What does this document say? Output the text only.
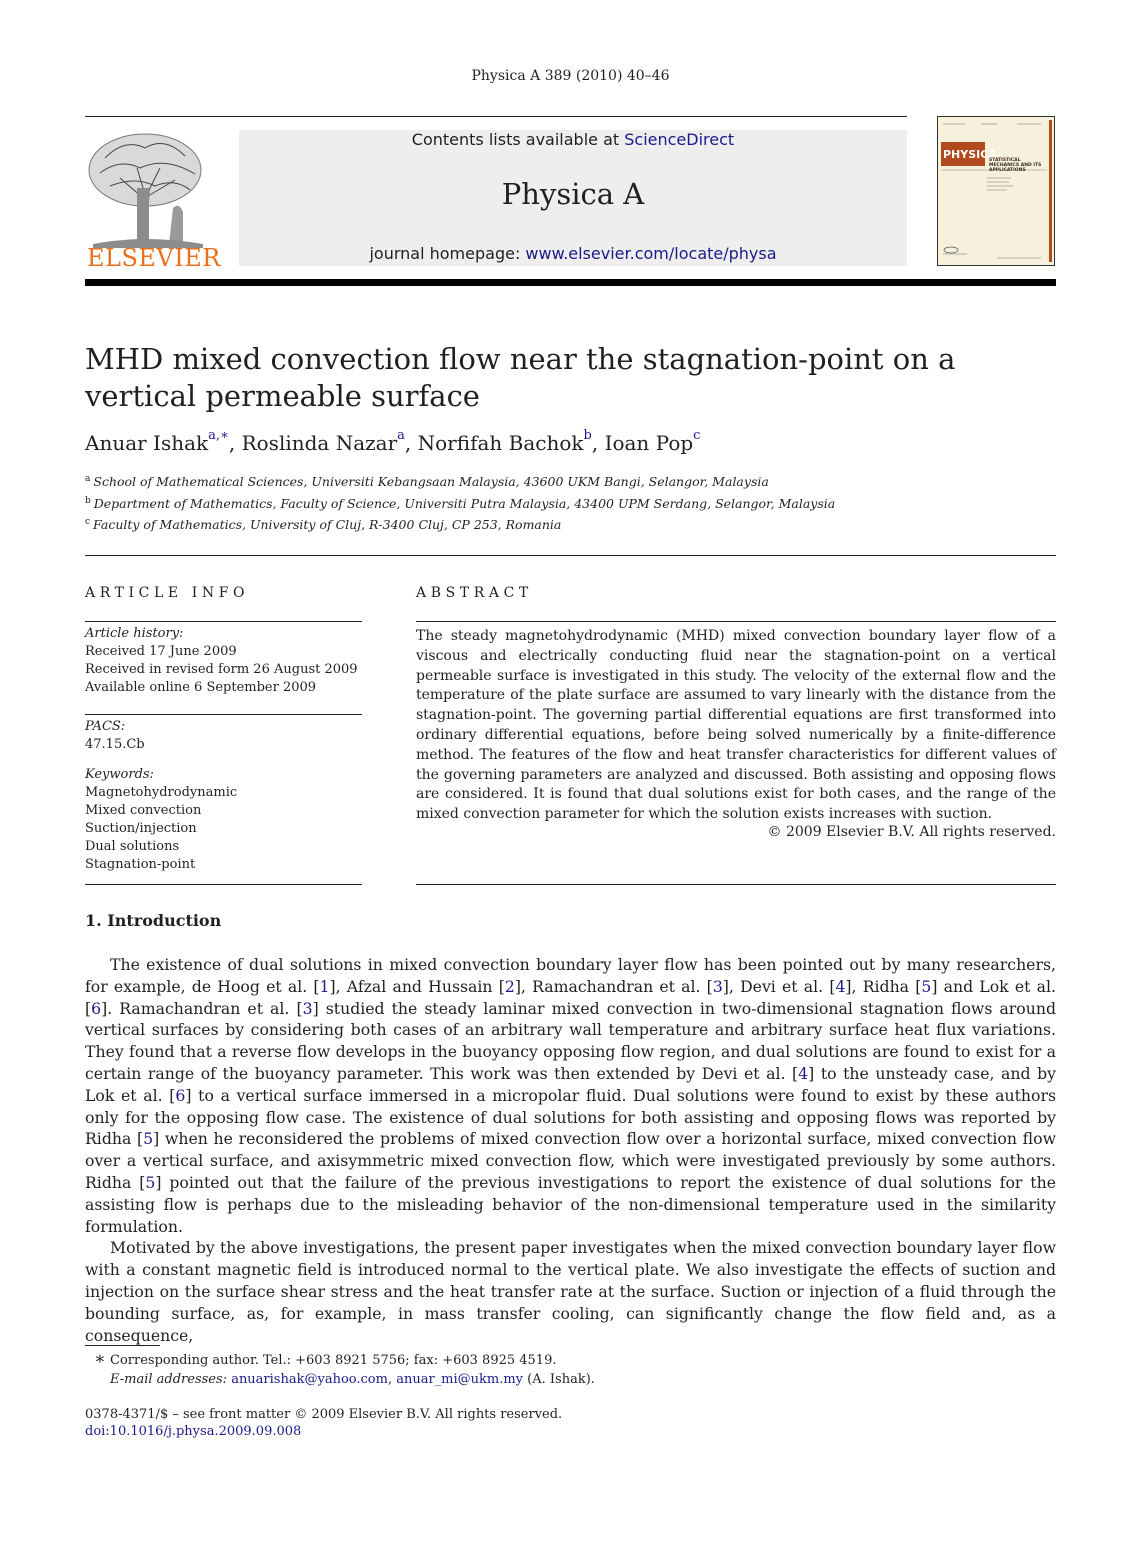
Physica A 389 (2010) 40–46
ELSEVIER
Contents lists available at ScienceDirect
Physica A
journal homepage: www.elsevier.com/locate/physa
PHYSICA
STATISTICAL MECHANICS AND ITS APPLICATIONS
MHD mixed convection flow near the stagnation-point on a vertical permeable surface
Anuar Ishak$^{a,∗}$, Roslinda Nazar$^a$, Norfifah Bachok$^b$, Ioan Pop$^c$
$^a$ School of Mathematical Sciences, Universiti Kebangsaan Malaysia, 43600 UKM Bangi, Selangor, Malaysia
$^b$ Department of Mathematics, Faculty of Science, Universiti Putra Malaysia, 43400 UPM Serdang, Selangor, Malaysia
$^c$ Faculty of Mathematics, University of Cluj, R-3400 Cluj, CP 253, Romania
ARTICLE INFO
Article history:
Received 17 June 2009
Received in revised form 26 August 2009
Available online 6 September 2009
PACS:
47.15.Cb
Keywords:
Magnetohydrodynamic
Mixed convection
Suction/injection
Dual solutions
Stagnation-point
ABSTRACT
The steady magnetohydrodynamic (MHD) mixed convection boundary layer flow of a viscous and electrically conducting fluid near the stagnation-point on a vertical permeable surface is investigated in this study. The velocity of the external flow and the temperature of the plate surface are assumed to vary linearly with the distance from the stagnation-point. The governing partial differential equations are first transformed into ordinary differential equations, before being solved numerically by a finite-difference method. The features of the flow and heat transfer characteristics for different values of the governing parameters are analyzed and discussed. Both assisting and opposing flows are considered. It is found that dual solutions exist for both cases, and the range of the mixed convection parameter for which the solution exists increases with suction.
© 2009 Elsevier B.V. All rights reserved.
1. Introduction

The existence of dual solutions in mixed convection boundary layer flow has been pointed out by many researchers, for example, de Hoog et al. [1], Afzal and Hussain [2], Ramachandran et al. [3], Devi et al. [4], Ridha [5] and Lok et al. [6]. Ramachandran et al. [3] studied the steady laminar mixed convection in two-dimensional stagnation flows around vertical surfaces by considering both cases of an arbitrary wall temperature and arbitrary surface heat flux variations. They found that a reverse flow develops in the buoyancy opposing flow region, and dual solutions are found to exist for a certain range of the buoyancy parameter. This work was then extended by Devi et al. [4] to the unsteady case, and by Lok et al. [6] to a vertical surface immersed in a micropolar fluid. Dual solutions were found to exist by these authors only for the opposing flow case. The existence of dual solutions for both assisting and opposing flows was reported by Ridha [5] when he reconsidered the problems of mixed convection flow over a horizontal surface, mixed convection flow over a vertical surface, and axisymmetric mixed convection flow, which were investigated previously by some authors. Ridha [5] pointed out that the failure of the previous investigations to report the existence of dual solutions for the assisting flow is perhaps due to the misleading behavior of the non-dimensional temperature used in the similarity formulation.

Motivated by the above investigations, the present paper investigates when the mixed convection boundary layer flow with a constant magnetic field is introduced normal to the vertical plate. We also investigate the effects of suction and injection on the surface shear stress and the heat transfer rate at the surface. Suction or injection of a fluid through the bounding surface, as, for example, in mass transfer cooling, can significantly change the flow field and, as a consequence,

∗ Corresponding author. Tel.: +603 8921 5756; fax: +603 8925 4519.
E-mail addresses: anuarishak@yahoo.com, anuar_mi@ukm.my (A. Ishak).
0378-4371/$ – see front matter © 2009 Elsevier B.V. All rights reserved.
doi:10.1016/j.physa.2009.09.008
